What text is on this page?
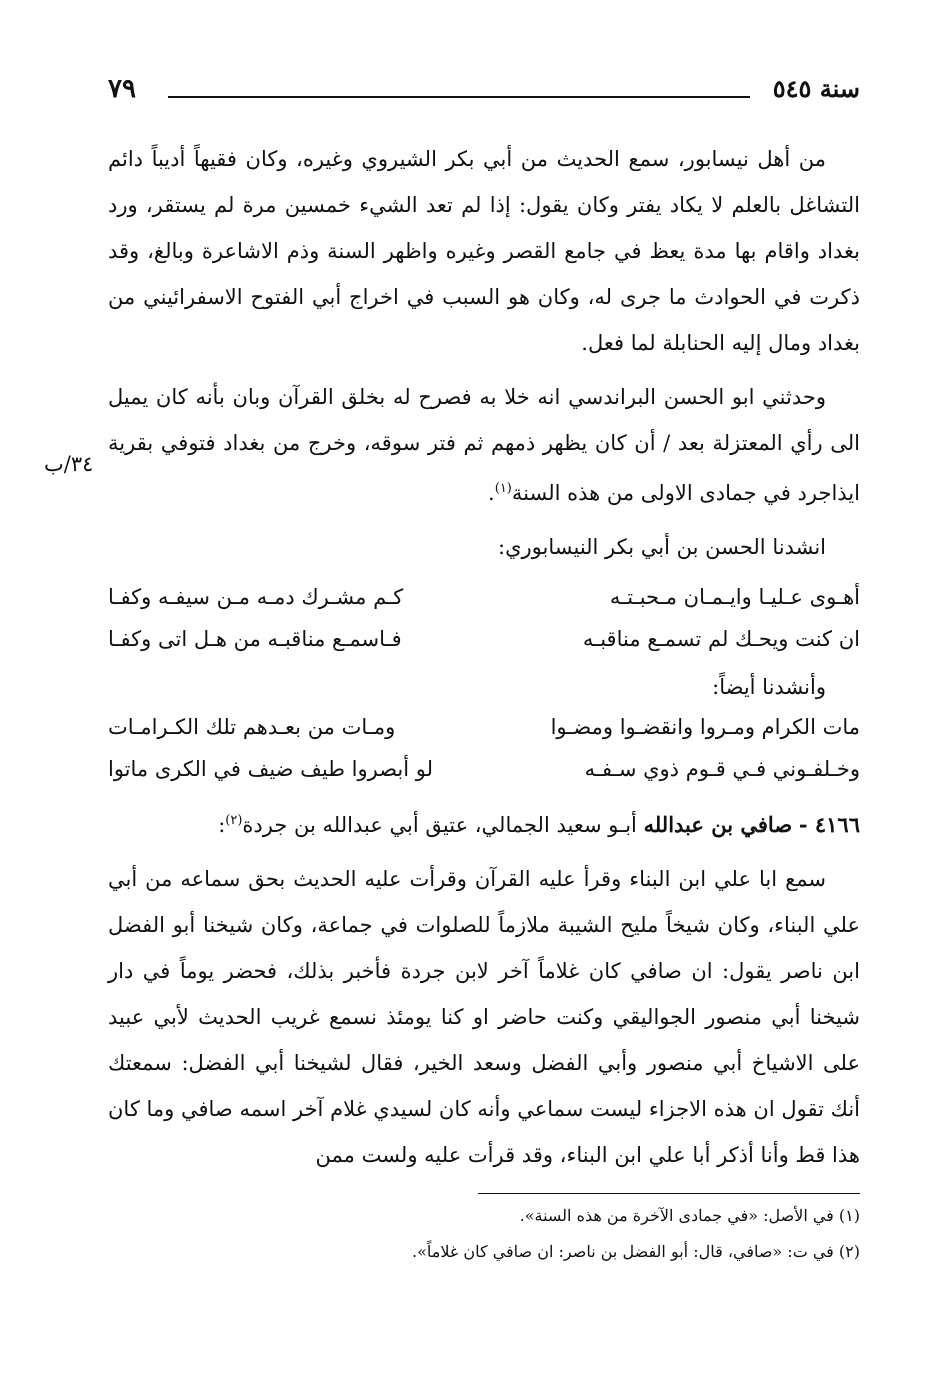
سنة ٥٤٥
٧٩
٣٤/ب

من أهل نيسابور، سمع الحديث من أبي بكر الشيروي وغيره، وكان فقيهاً أديباً دائم التشاغل بالعلم لا يكاد يفتر وكان يقول: إذا لم تعد الشيء خمسين مرة لم يستقر، ورد بغداد واقام بها مدة يعظ في جامع القصر وغيره واظهر السنة وذم الاشاعرة وبالغ، وقد ذكرت في الحوادث ما جرى له، وكان هو السبب في اخراج أبي الفتوح الاسفرائيني من بغداد ومال إليه الحنابلة لما فعل.

وحدثني ابو الحسن البراندسي انه خلا به فصرح له بخلق القرآن وبان بأنه كان يميل الى رأي المعتزلة بعد / أن كان يظهر ذمهم ثم فتر سوقه، وخرج من بغداد فتوفي بقرية ايذاجرد في جمادى الاولى من هذه السنة$^{(١)}$.

انشدنا الحسن بن أبي بكر النيسابوري:

أهـوى عـليـا وايـمـان مـحبـتـه
كـم مشـرك دمـه مـن سيفـه وكفـا
ان كنت ويحـك لم تسمـع مناقبـه
فـاسمـع مناقبـه من هـل اتى وكفـا

وأنشدنا أيضاً:

مات الكرام ومـروا وانقضـوا ومضـوا
ومـات من بعـدهم تلك الكـرامـات
وخـلفـوني فـي قـوم ذوي سـفـه
لو أبصروا طيف ضيف في الكرى ماتوا

٤١٦٦ - صافي بن عبدالله أبـو سعيد الجمالي، عتيق أبي عبدالله بن جردة$^{(٢)}$:

سمع ابا علي ابن البناء وقرأ عليه القرآن وقرأت عليه الحديث بحق سماعه من أبي علي البناء، وكان شيخاً مليح الشيبة ملازماً للصلوات في جماعة، وكان شيخنا أبو الفضل ابن ناصر يقول: ان صافي كان غلاماً آخر لابن جردة فأخبر بذلك، فحضر يوماً في دار شيخنا أبي منصور الجواليقي وكنت حاضر او كنا يومئذ نسمع غريب الحديث لأبي عبيد على الاشياخ أبي منصور وأبي الفضل وسعد الخير، فقال لشيخنا أبي الفضل: سمعتك أنك تقول ان هذه الاجزاء ليست سماعي وأنه كان لسيدي غلام آخر اسمه صافي وما كان هذا قط وأنا أذكر أبا علي ابن البناء، وقد قرأت عليه ولست ممن

(١) في الأصل: «في جمادى الآخرة من هذه السنة».
(٢) في ت: «صافي، قال: أبو الفضل بن ناصر: ان صافي كان غلاماً».
